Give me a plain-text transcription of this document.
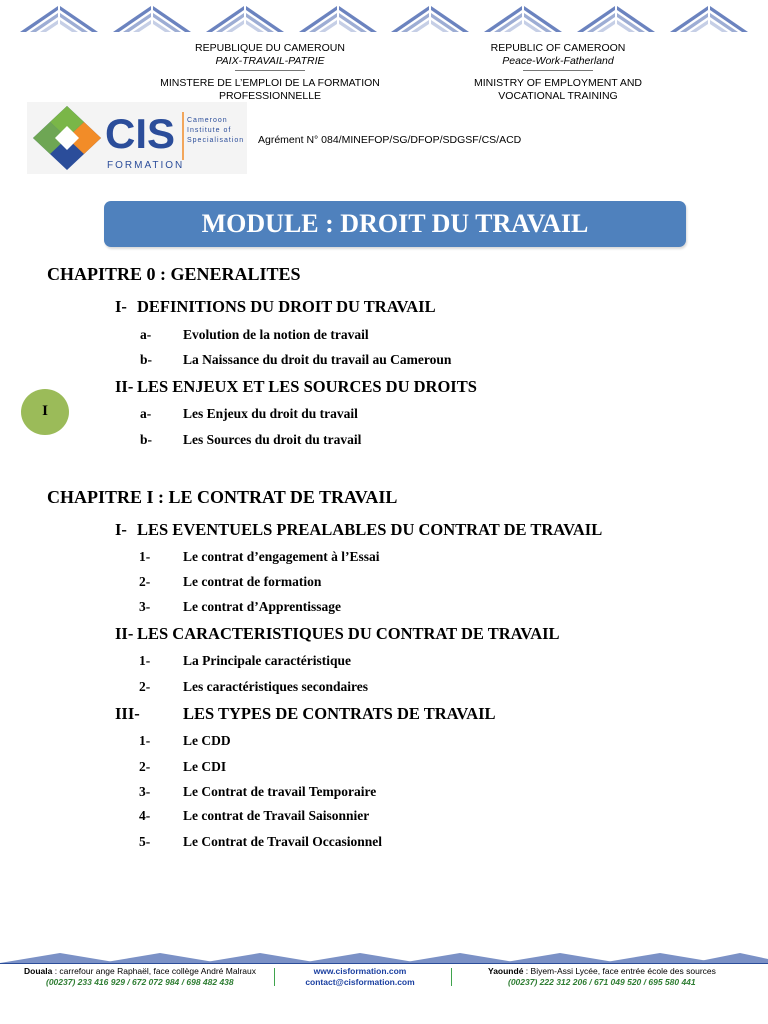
REPUBLIQUE DU CAMEROUN
PAIX-TRAVAIL-PATRIE
MINSTERE DE L’EMPLOI DE LA FORMATION PROFESSIONNELLE
REPUBLIC OF CAMEROON
Peace-Work-Fatherland
MINISTRY OF EMPLOYMENT AND VOCATIONAL TRAINING
CIS
FORMATION
Cameroon
Institute of
Specialisation Agrément N° 084/MINEFOP/SG/DFOP/SDGSF/CS/ACD
MODULE : DROIT DU TRAVAIL
I
CHAPITRE 0 : GENERALITES
I- DEFINITIONS DU DROIT DU TRAVAIL
a- Evolution de la notion de travail
b- La Naissance du droit du travail au Cameroun
II- LES ENJEUX ET LES SOURCES DU DROITS
a- Les Enjeux du droit du travail
b- Les Sources du droit du travail
CHAPITRE I : LE CONTRAT DE TRAVAIL
I- LES EVENTUELS PREALABLES DU CONTRAT DE TRAVAIL
1- Le contrat d’engagement à l’Essai
2- Le contrat de formation
3- Le contrat d’Apprentissage
II- LES CARACTERISTIQUES DU CONTRAT DE TRAVAIL
1- La Principale caractéristique
2- Les caractéristiques secondaires
III-	LES TYPES DE CONTRATS DE TRAVAIL
1- Le CDD
2- Le CDI
3- Le Contrat de travail Temporaire
4- Le contrat de Travail Saisonnier
5- Le Contrat de Travail Occasionnel
Douala : carrefour ange Raphaël, face collège André Malraux
(00237) 233 416 929 / 672 072 984 / 698 482 438
www.cisformation.com
contact@cisformation.com
Yaoundé : Biyem-Assi Lycée, face entrée école des sources
(00237) 222 312 206 / 671 049 520 / 695 580 441
